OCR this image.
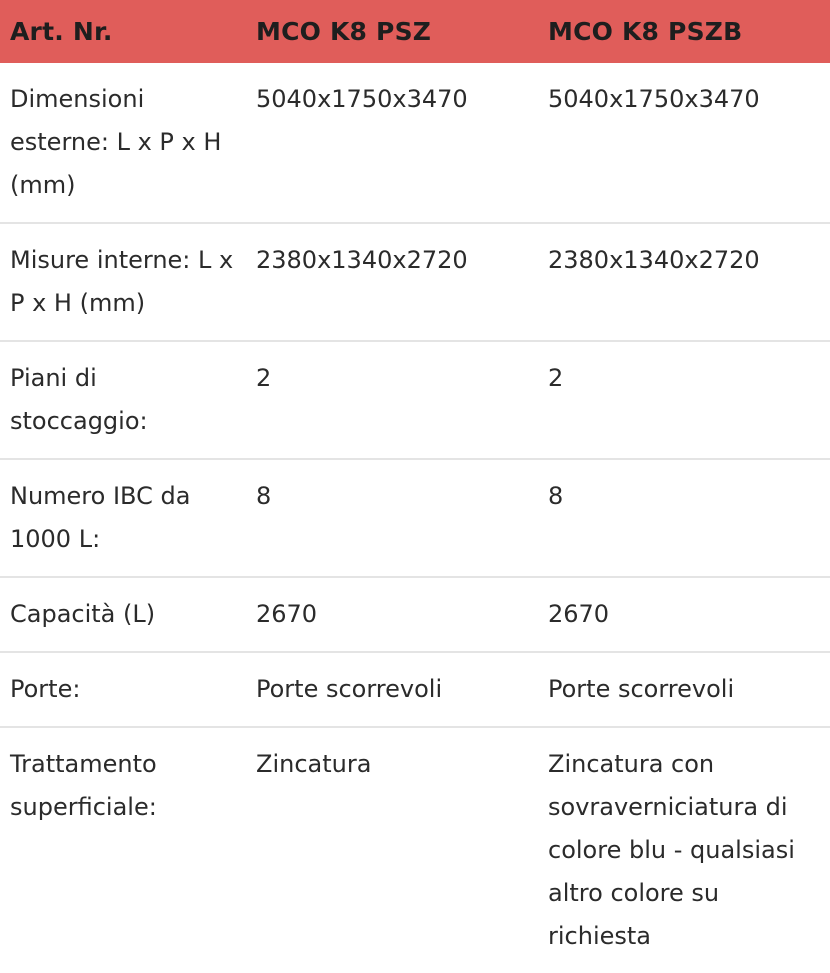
Art. Nr.	MCO K8 PSZ	MCO K8 PSZB
Dimensioni esterne: L x P x H (mm)	5040x1750x3470	5040x1750x3470
Misure interne: L x P x H (mm)	2380x1340x2720	2380x1340x2720
Piani di stoccaggio:	2	2
Numero IBC da 1000 L:	8	8
Capacità (L)	2670	2670
Porte:	Porte scorrevoli	Porte scorrevoli
Trattamento superficiale:	Zincatura	Zincatura con sovraverniciatura di colore blu - qualsiasi altro colore su richiesta
